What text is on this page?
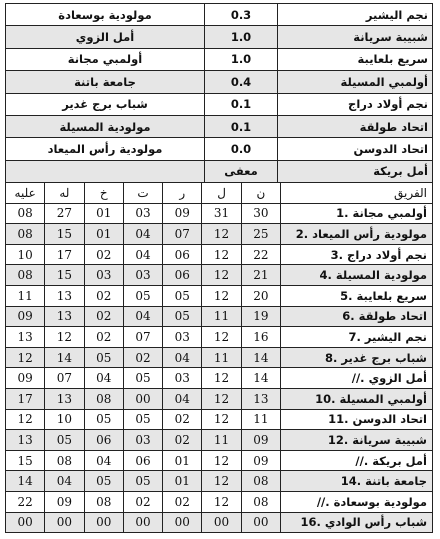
مولودية بوسعادة	0.3	نجم اليشير
أمل الزوي	1.0	شبيبة سريانة
أولمبي مجانة	1.0	سريع بلعايبة
جامعة باتنة	0.4	أولمبي المسيلة
شباب برج غدير	0.1	نجم أولاد دراج
مولودية المسيلة	0.1	اتحاد طولقة
مولودية رأس الميعاد	0.0	اتحاد الدوسن
	معفى	أمل بريكة
عليه	له	خ	ت	ر	ل	ن	الفريق
08	27	01	03	09	31	30	1. أولمبي مجانة
08	15	01	04	07	12	25	2. مولودية رأس الميعاد
10	17	02	04	06	12	22	3. نجم أولاد دراج
08	15	03	03	06	12	21	4. مولودية المسيلة
11	13	02	05	05	12	20	5. سريع بلعايبة
09	13	02	04	05	11	19	6. اتحاد طولقة
13	12	02	07	03	12	16	7. نجم اليشير
12	14	05	02	04	11	14	8. شباب برج غدير
09	07	04	05	03	12	14	//. أمل الزوي
17	13	08	00	04	12	13	10. أولمبي المسيلة
12	10	05	05	02	12	11	11. اتحاد الدوسن
13	05	06	03	02	11	09	12. شبيبة سريانة
15	08	04	06	01	12	09	//. أمل بريكة
14	04	05	05	01	12	08	14. جامعة باتنة
22	09	08	02	02	12	08	//. مولودية بوسعادة
00	00	00	00	00	00	00	16. شباب رأس الوادي
